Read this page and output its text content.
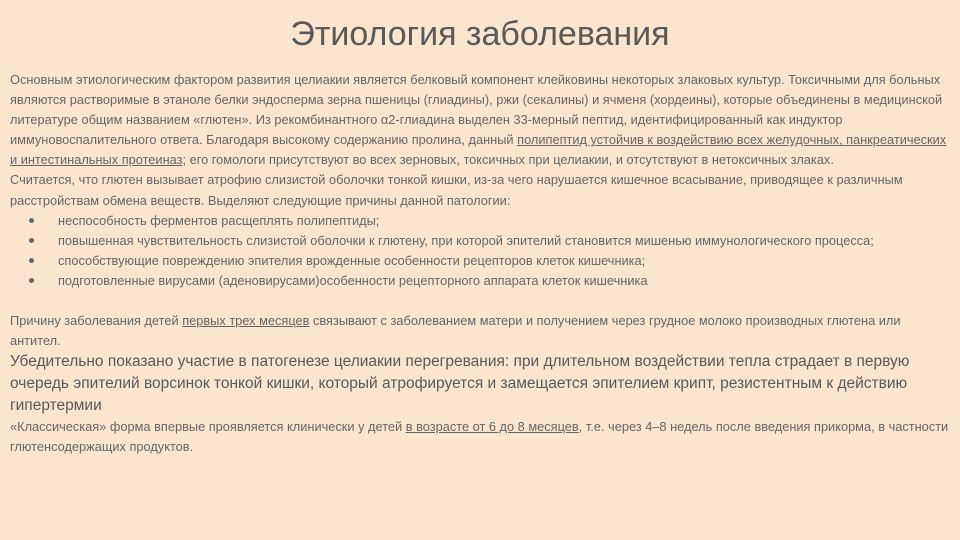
Этиология заболевания

Основным этиологическим фактором развития целиакии является белковый компонент клейковины некоторых злаковых культур. Токсичными для больных являются растворимые в этаноле белки эндосперма зерна пшеницы (глиадины), ржи (секалины) и ячменя (хордеины), которые объединены в медицинской литературе общим названием «глютен». Из рекомбинантного α2-глиадина выделен 33-мерный пептид, идентифицированный как индуктор иммуновоспалительного ответа. Благодаря высокому содержанию пролина, данный полипептид устойчив к воздействию всех желудочных, панкреатических и интестинальных протеиназ; его гомологи присутствуют во всех зерновых, токсичных при целиакии, и отсутствуют в нетоксичных злаках.

Считается, что глютен вызывает атрофию слизистой оболочки тонкой кишки, из-за чего нарушается кишечное всасывание, приводящее к различным расстройствам обмена веществ. Выделяют следующие причины данной патологии:

неспособность ферментов расщеплять полипептиды;
повышенная чувствительность слизистой оболочки к глютену, при которой эпителий становится мишенью иммунологического процесса;
способствующие повреждению эпителия врожденные особенности рецепторов клеток кишечника;
подготовленные вирусами (аденовирусами)особенности рецепторного аппарата клеток кишечника

Причину заболевания детей первых трех месяцев связывают с заболеванием матери и получением через грудное молоко производных глютена или антител.

Убедительно показано участие в патогенезе целиакии перегревания: при длительном воздействии тепла страдает в первую очередь эпителий ворсинок тонкой кишки, который атрофируется и замещается эпителием крипт, резистентным к действию гипертермии

«Классическая» форма впервые проявляется клинически у детей в возрасте от 6 до 8 месяцев, т.е. через 4–8 недель после введения прикорма, в частности глютенсодержащих продуктов.
